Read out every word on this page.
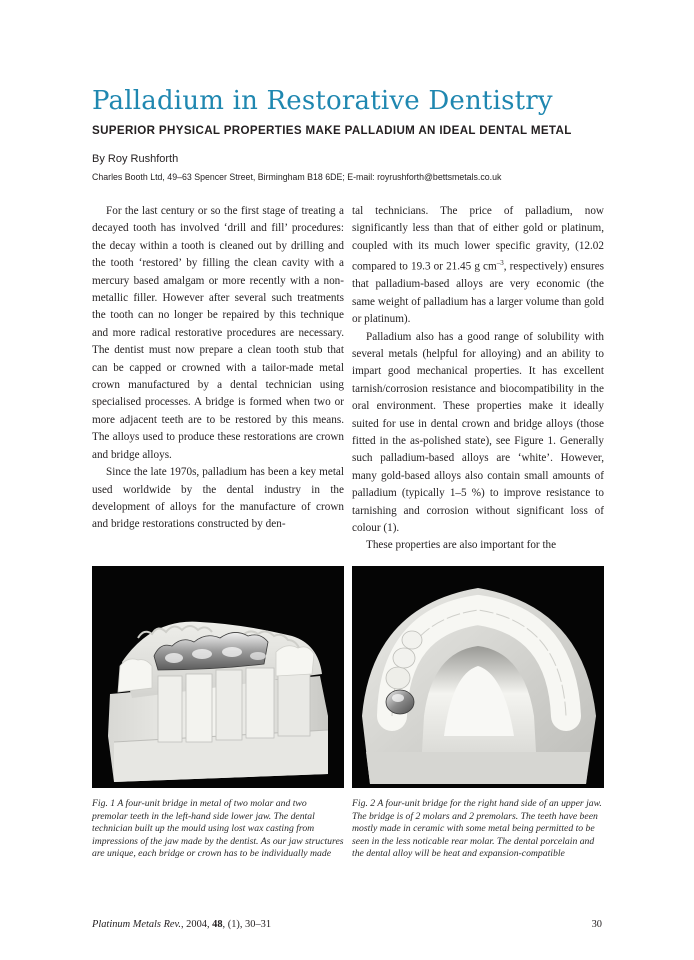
Palladium in Restorative Dentistry
SUPERIOR PHYSICAL PROPERTIES MAKE PALLADIUM AN IDEAL DENTAL METAL
By Roy Rushforth
Charles Booth Ltd, 49–63 Spencer Street, Birmingham B18 6DE; E-mail: royrushforth@bettsmetals.co.uk

For the last century or so the first stage of treating a decayed tooth has involved ‘drill and fill’ procedures: the decay within a tooth is cleaned out by drilling and the tooth ‘restored’ by filling the clean cavity with a mercury based amalgam or more recently with a non-metallic filler. However after several such treatments the tooth can no longer be repaired by this technique and more radical restorative procedures are necessary. The dentist must now prepare a clean tooth stub that can be capped or crowned with a tailor-made metal crown manufactured by a dental technician using specialised processes. A bridge is formed when two or more adjacent teeth are to be restored by this means. The alloys used to produce these restorations are crown and bridge alloys.

Since the late 1970s, palladium has been a key metal used worldwide by the dental industry in the development of alloys for the manufacture of crown and bridge restorations constructed by den-

tal technicians. The price of palladium, now significantly less than that of either gold or platinum, coupled with its much lower specific gravity, (12.02 compared to 19.3 or 21.45 g $cm^{-3}$, respectively) ensures that palladium-based alloys are very economic (the same weight of palladium has a larger volume than gold or platinum).

Palladium also has a good range of solubility with several metals (helpful for alloying) and an ability to impart good mechanical properties. It has excellent tarnish/corrosion resistance and biocompatibility in the oral environment. These properties make it ideally suited for use in dental crown and bridge alloys (those fitted in the as-polished state), see Figure 1. Generally such palladium-based alloys are ‘white’. However, many gold-based alloys also contain small amounts of palladium (typically 1–5 %) to improve resistance to tarnishing and corrosion without significant loss of colour (1).

These properties are also important for the

Fig. 1 A four-unit bridge in metal of two molar and two premolar teeth in the left-hand side lower jaw. The dental technician built up the mould using lost wax casting from impressions of the jaw made by the dentist. As our jaw structures are unique, each bridge or crown has to be individually made
Fig. 2 A four-unit bridge for the right hand side of an upper jaw. The bridge is of 2 molars and 2 premolars. The teeth have been mostly made in ceramic with some metal being permitted to be seen in the less noticable rear molar. The dental porcelain and the dental alloy will be heat and expansion-compatible
Platinum Metals Rev., 2004, 48, (1), 30–31	30
